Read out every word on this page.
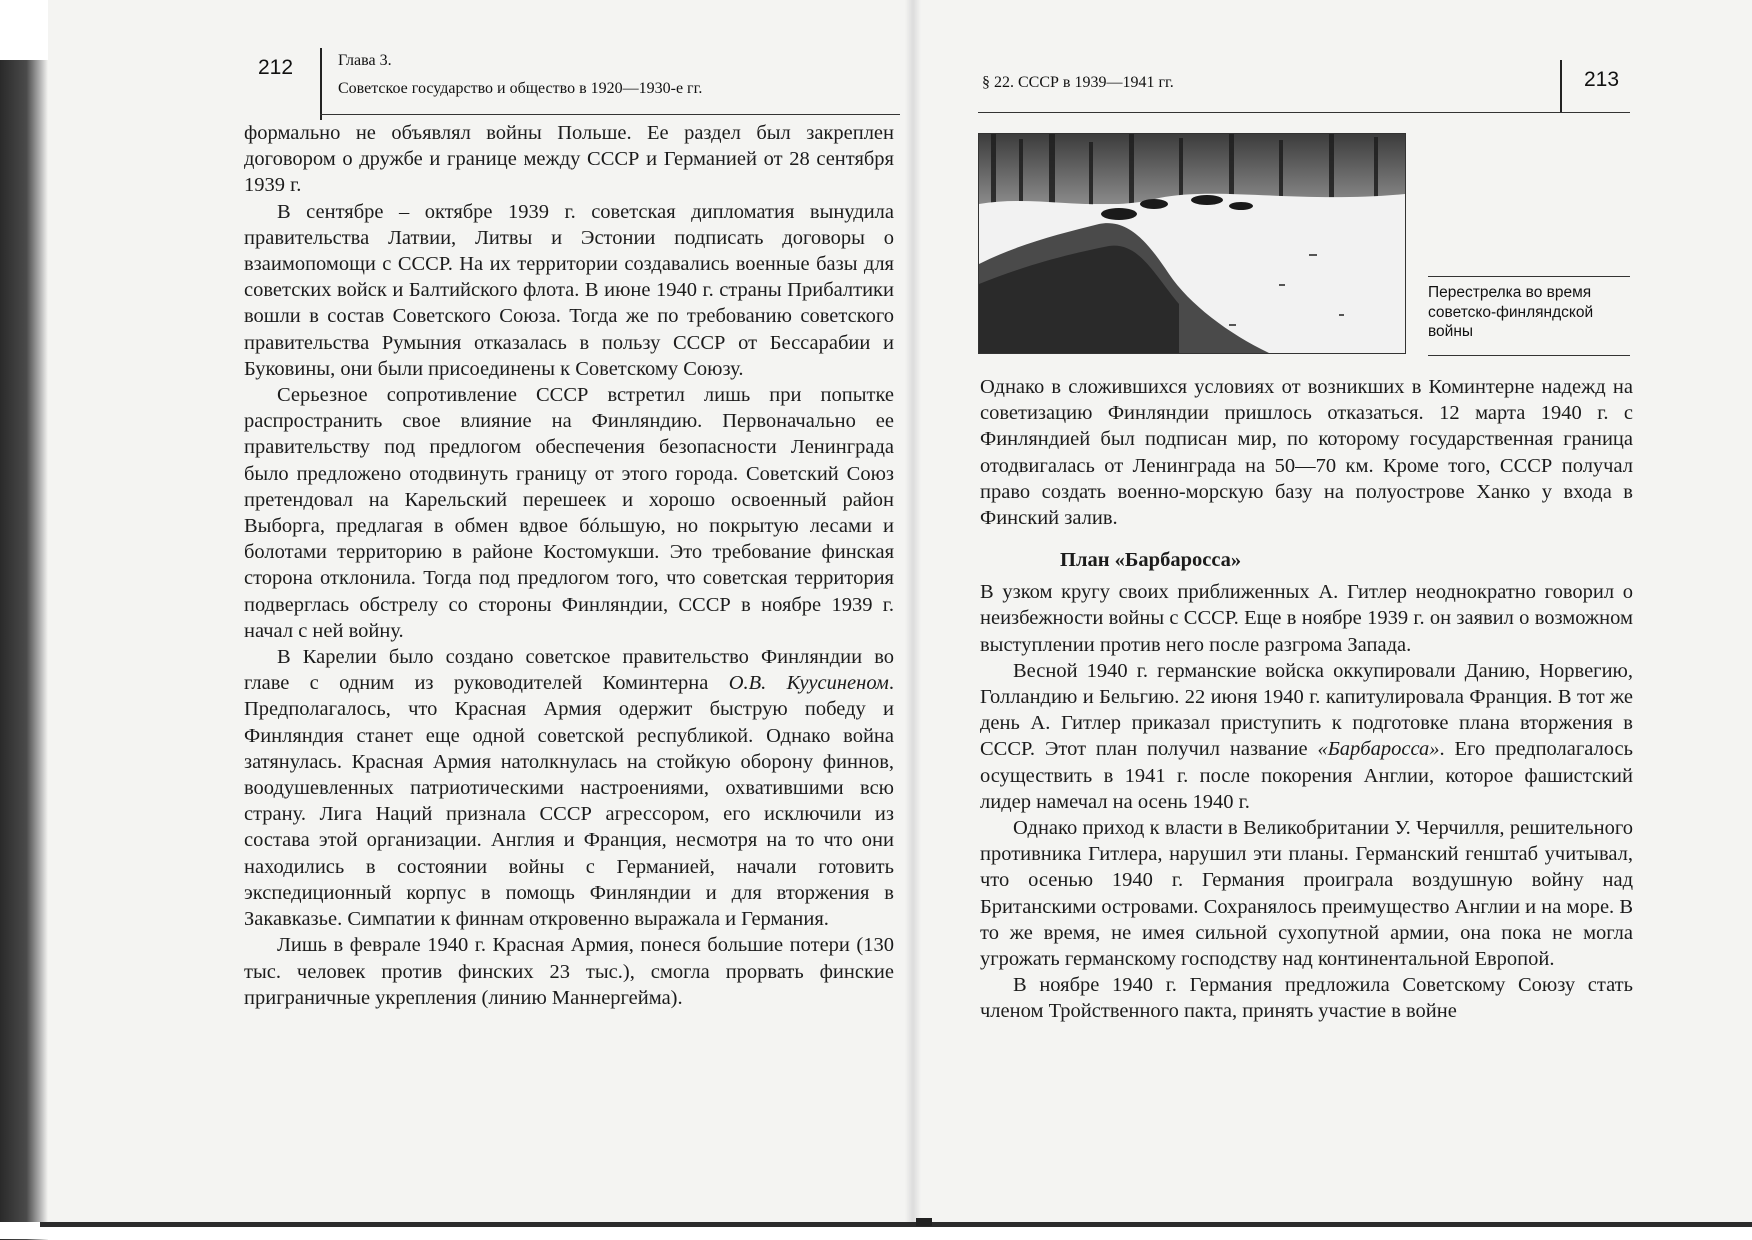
212	Глава 3.
Советское государство и общество в 1920—1930-е гг.

формально не объявлял войны Польше. Ее раздел был закреплен договором о дружбе и границе между СССР и Германией от 28 сентября 1939 г.

В сентябре – октябре 1939 г. советская дипломатия вынудила правительства Латвии, Литвы и Эстонии подписать договоры о взаимопомощи с СССР. На их территории создавались военные базы для советских войск и Балтийского флота. В июне 1940 г. страны Прибалтики вошли в состав Советского Союза. Тогда же по требованию советского правительства Румыния отказалась в пользу СССР от Бессарабии и Буковины, они были присоединены к Советскому Союзу.

Серьезное сопротивление СССР встретил лишь при попытке распространить свое влияние на Финляндию. Первоначально ее правительству под предлогом обеспечения безопасности Ленинграда было предложено отодвинуть границу от этого города. Советский Союз претендовал на Карельский перешеек и хорошо освоенный район Выборга, предлагая в обмен вдвое бóльшую, но покрытую лесами и болотами территорию в районе Костомукши. Это требование финская сторона отклонила. Тогда под предлогом того, что советская территория подверглась обстрелу со стороны Финляндии, СССР в ноябре 1939 г. начал с ней войну.

В Карелии было создано советское правительство Финляндии во главе с одним из руководителей Коминтерна О.В. Куусиненом. Предполагалось, что Красная Армия одержит быструю победу и Финляндия станет еще одной советской республикой. Однако война затянулась. Красная Армия натолкнулась на стойкую оборону финнов, воодушевленных патриотическими настроениями, охватившими всю страну. Лига Наций признала СССР агрессором, его исключили из состава этой организации. Англия и Франция, несмотря на то что они находились в состоянии войны с Германией, начали готовить экспедиционный корпус в помощь Финляндии и для вторжения в Закавказье. Симпатии к финнам откровенно выражала и Германия.

Лишь в феврале 1940 г. Красная Армия, понеся большие потери (130 тыс. человек против финских 23 тыс.), смогла прорвать финские приграничные укрепления (линию Маннергейма).

§ 22. СССР в 1939—1941 гг.	213
Перестрелка во время советско-финляндской войны

Однако в сложившихся условиях от возникших в Коминтерне надежд на советизацию Финляндии пришлось отказаться. 12 марта 1940 г. с Финляндией был подписан мир, по которому государственная граница отодвигалась от Ленинграда на 50—70 км. Кроме того, СССР получал право создать военно-морскую базу на полуострове Ханко у входа в Финский залив.

План «Барбаросса»

В узком кругу своих приближенных А. Гитлер неоднократно говорил о неизбежности войны с СССР. Еще в ноябре 1939 г. он заявил о возможном выступлении против него после разгрома Запада.

Весной 1940 г. германские войска оккупировали Данию, Норвегию, Голландию и Бельгию. 22 июня 1940 г. капитулировала Франция. В тот же день А. Гитлер приказал приступить к подготовке плана вторжения в СССР. Этот план получил название «Барбаросса». Его предполагалось осуществить в 1941 г. после покорения Англии, которое фашистский лидер намечал на осень 1940 г.

Однако приход к власти в Великобритании У. Черчилля, решительного противника Гитлера, нарушил эти планы. Германский генштаб учитывал, что осенью 1940 г. Германия проиграла воздушную войну над Британскими островами. Сохранялось преимущество Англии и на море. В то же время, не имея сильной сухопутной армии, она пока не могла угрожать германскому господству над континентальной Европой.

В ноябре 1940 г. Германия предложила Советскому Союзу стать членом Тройственного пакта, принять участие в войне
